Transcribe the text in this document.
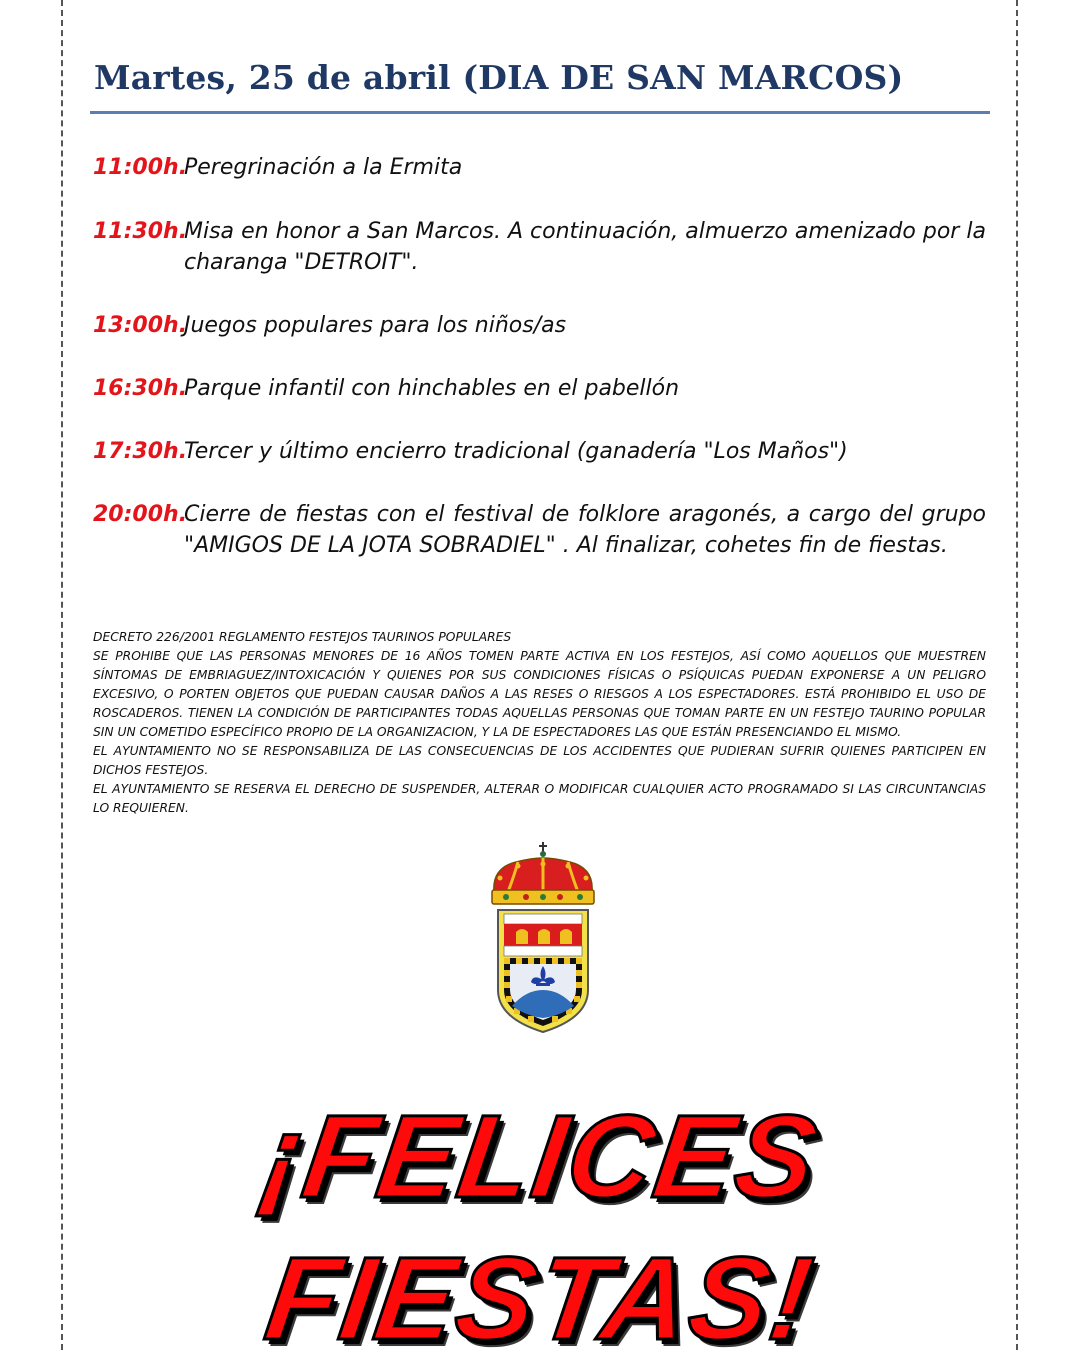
Martes, 25 de abril (DIA DE SAN MARCOS)
11:00h.
Peregrinación a la Ermita
11:30h.
Misa en honor a San Marcos. A continuación, almuerzo amenizado por la charanga "DETROIT".
13:00h.
Juegos populares para los niños/as
16:30h.
Parque infantil con hinchables en el pabellón
17:30h.
Tercer y último encierro tradicional (ganadería "Los Maños")
20:00h.
Cierre de fiestas con el festival de folklore aragonés, a cargo del grupo "AMIGOS DE LA JOTA SOBRADIEL" . Al finalizar, cohetes fin de fiestas.

DECRETO 226/2001 REGLAMENTO FESTEJOS TAURINOS POPULARES

SE PROHIBE QUE LAS PERSONAS MENORES DE 16 AÑOS TOMEN PARTE ACTIVA EN LOS FESTEJOS, ASÍ COMO AQUELLOS QUE MUESTREN SÍNTOMAS DE EMBRIAGUEZ/INTOXICACIÓN Y QUIENES POR SUS CONDICIONES FÍSICAS O PSÍQUICAS PUEDAN EXPONERSE A UN PELIGRO EXCESIVO, O PORTEN OBJETOS QUE PUEDAN CAUSAR DAÑOS A LAS RESES O RIESGOS A LOS ESPECTADORES. ESTÁ PROHIBIDO EL USO DE ROSCADEROS. TIENEN LA CONDICIÓN DE PARTICIPANTES TODAS AQUELLAS PERSONAS QUE TOMAN PARTE EN UN FESTEJO TAURINO POPULAR SIN UN COMETIDO ESPECÍFICO PROPIO DE LA ORGANIZACION, Y LA DE ESPECTADORES LAS QUE ESTÁN PRESENCIANDO EL MISMO.

EL AYUNTAMIENTO NO SE RESPONSABILIZA DE LAS CONSECUENCIAS DE LOS ACCIDENTES QUE PUDIERAN SUFRIR QUIENES PARTICIPEN EN DICHOS FESTEJOS.

EL AYUNTAMIENTO SE RESERVA EL DERECHO DE SUSPENDER, ALTERAR O MODIFICAR CUALQUIER ACTO PROGRAMADO SI LAS CIRCUNTANCIAS LO REQUIEREN.

¡FELICES
FIESTAS!
